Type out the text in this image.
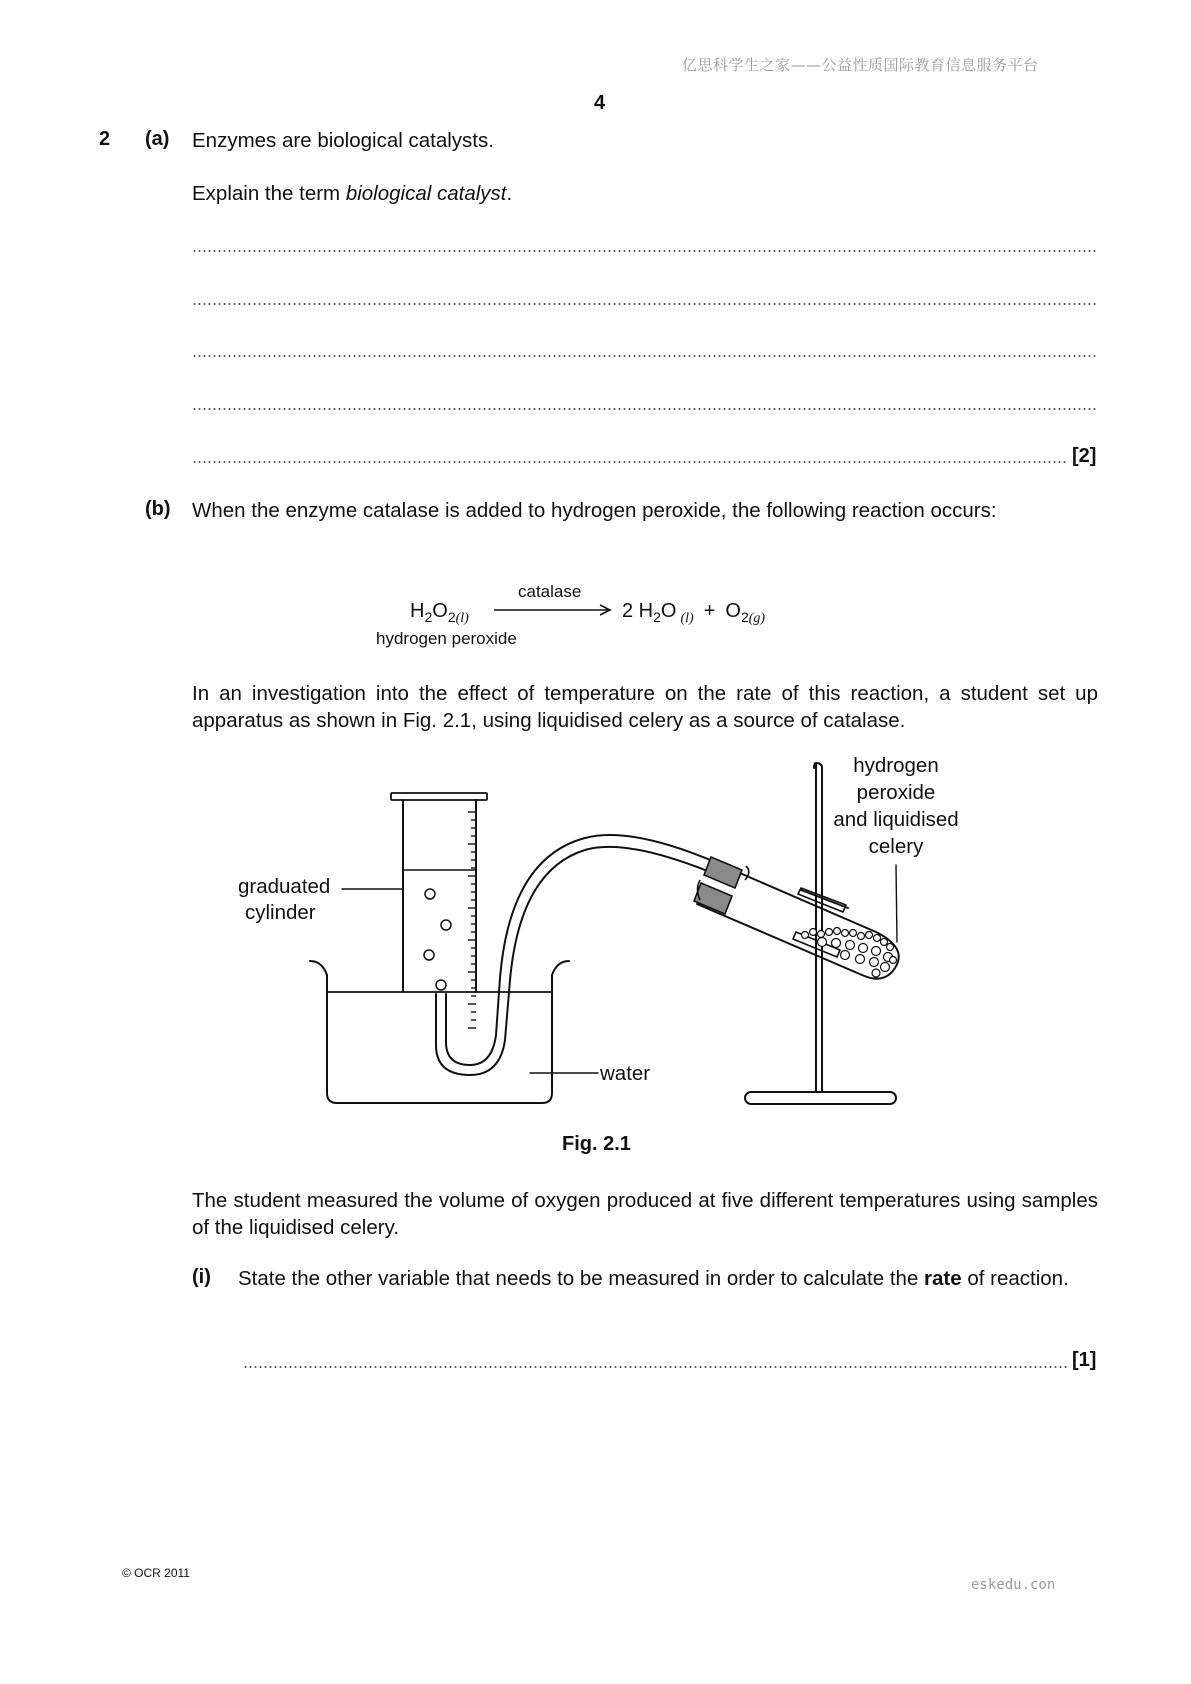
亿思科学生之家——公益性质国际教育信息服务平台
4
2 (a) Enzymes are biological catalysts.
Explain the term biological catalyst.
[2]
(b) When the enzyme catalase is added to hydrogen peroxide, the following reaction occurs:
catalase
$H_2O_{2(l)}$
hydrogen peroxide
2 $H_2O$ $_{(l)} + O_{2(g)}$
In an investigation into the effect of temperature on the rate of this reaction, a student set up apparatus as shown in Fig. 2.1, using liquidised celery as a source of catalase.
graduated
cylinder
water
hydrogen
peroxide
and liquidised
celery
Fig. 2.1
The student measured the volume of oxygen produced at five different temperatures using samples of the liquidised celery.
(i) State the other variable that needs to be measured in order to calculate the rate of reaction.
[1]
© OCR 2011
eskedu.con
